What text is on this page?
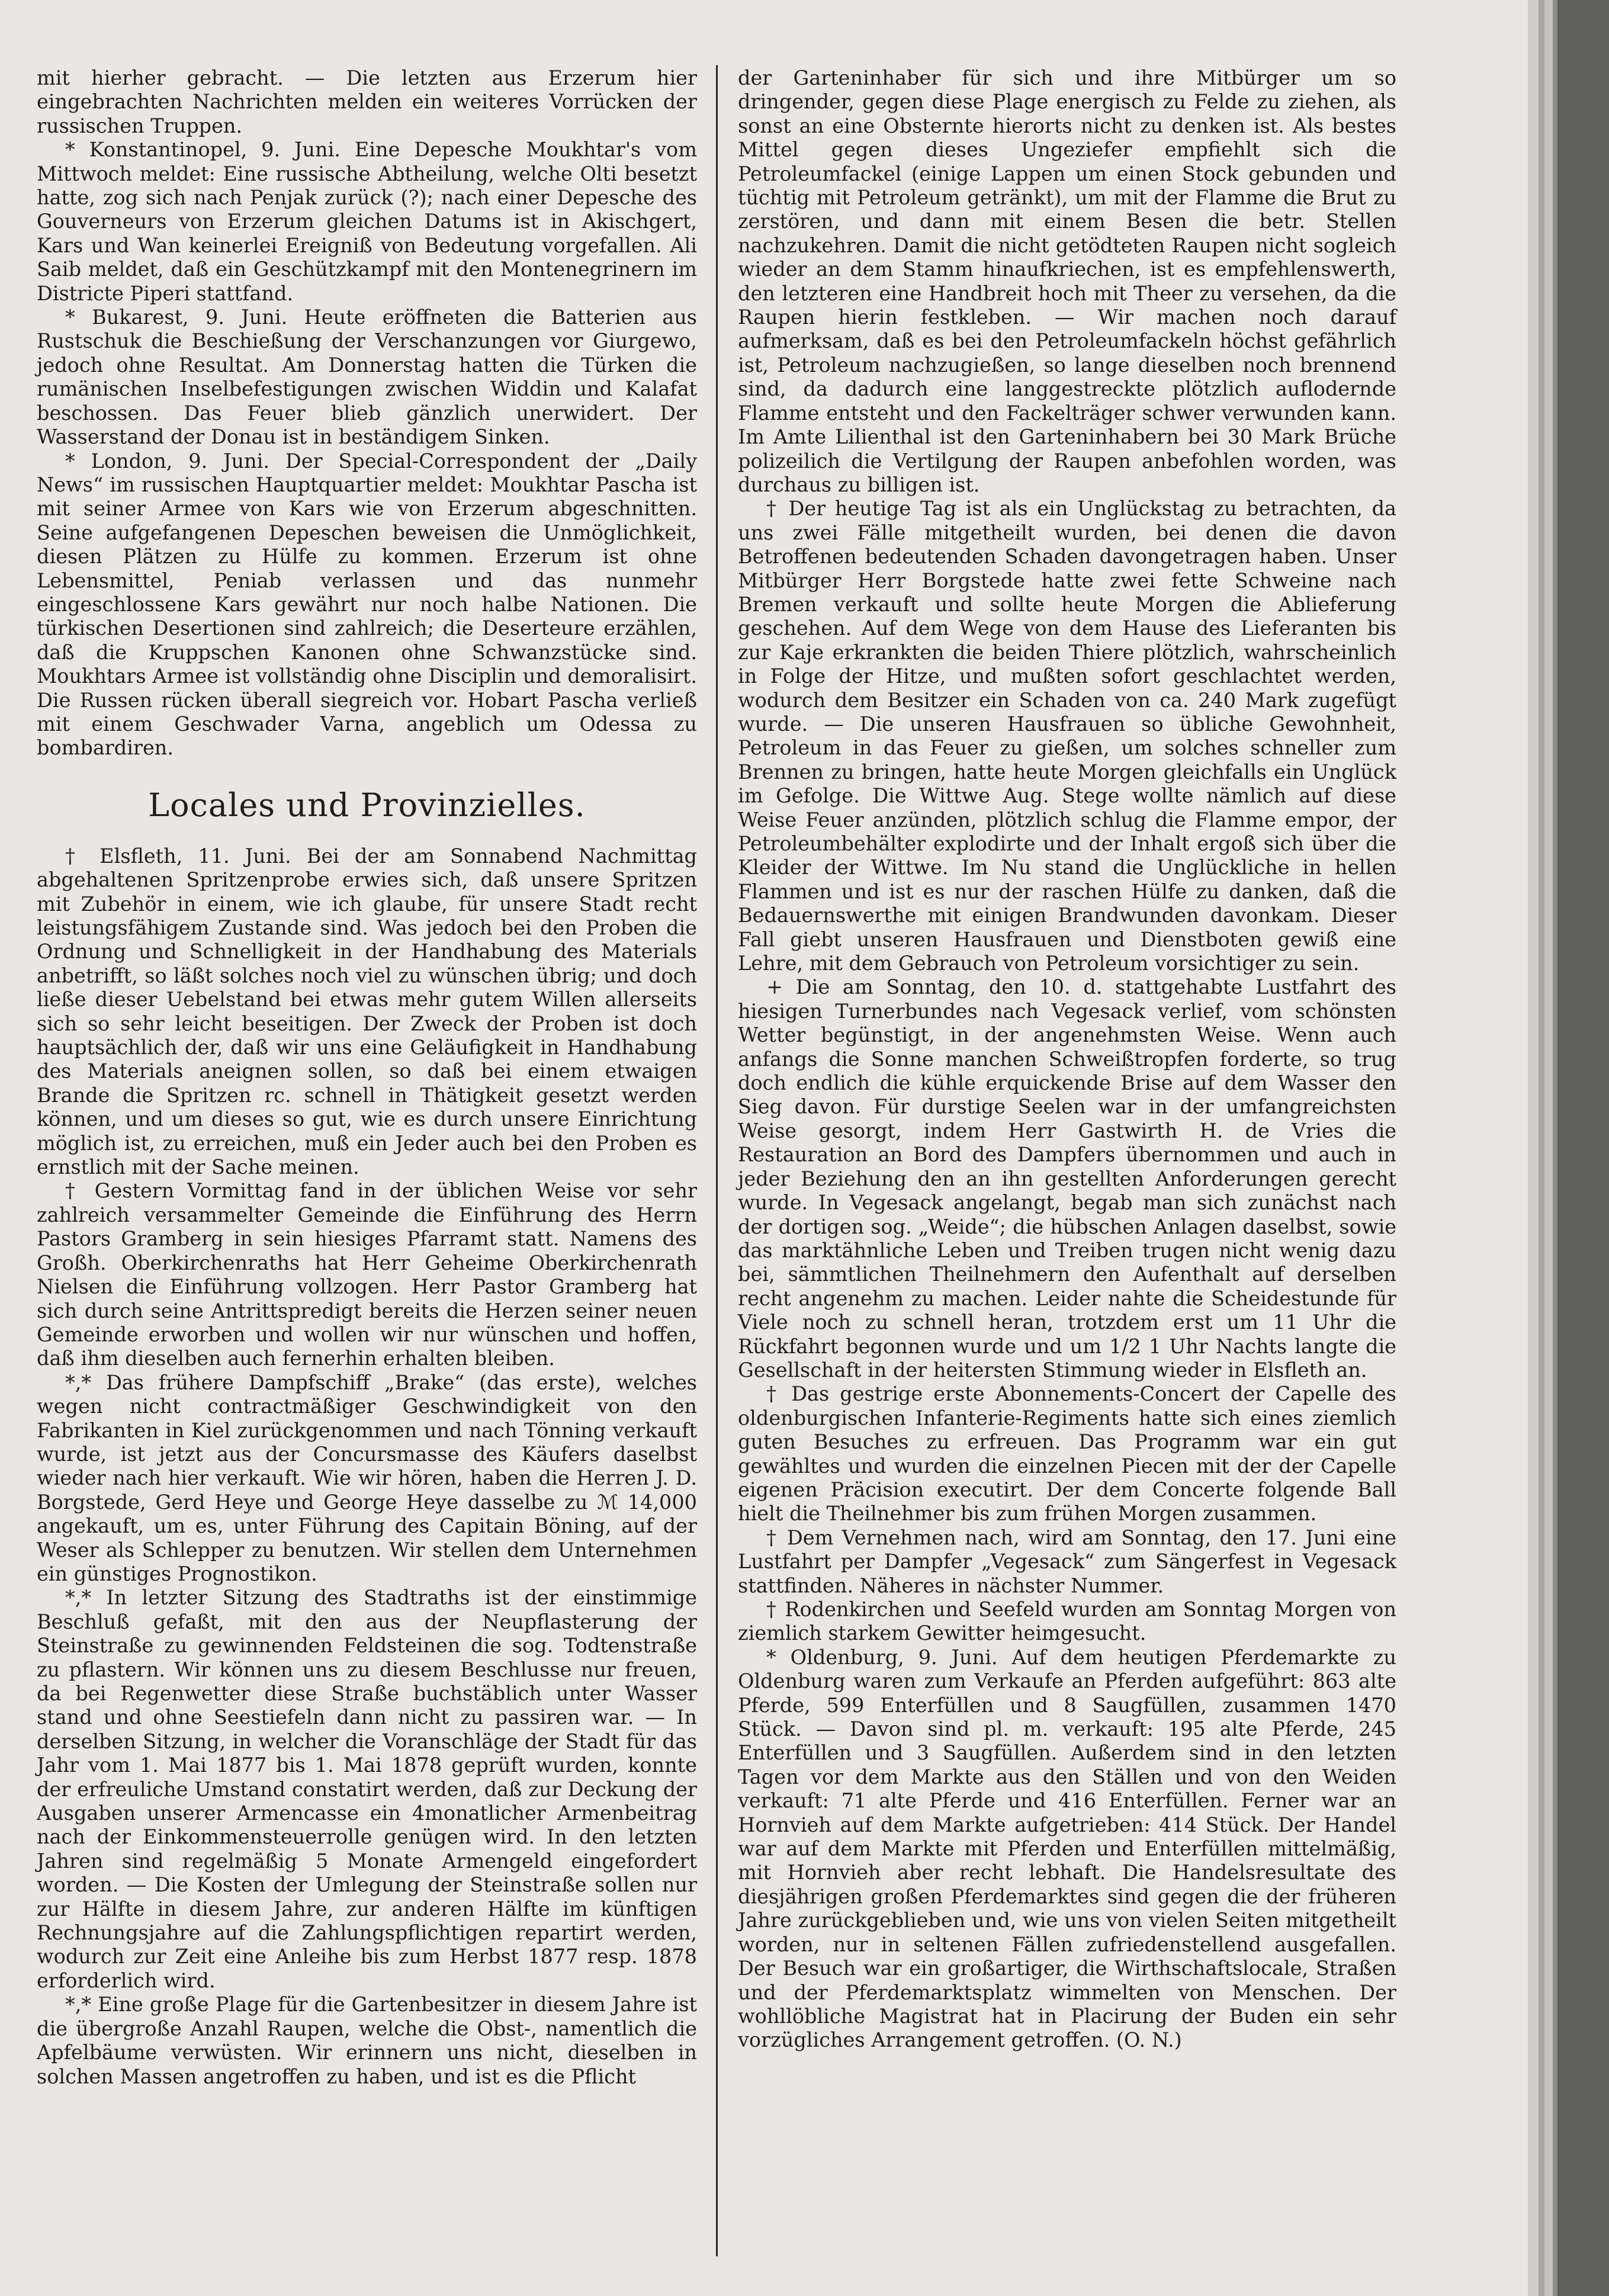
mit hierher gebracht. — Die letzten aus Erzerum hier eingebrachten Nachrichten melden ein weiteres Vorrücken der russischen Truppen.

* Konstantinopel, 9. Juni. Eine Depesche Moukhtar's vom Mittwoch meldet: Eine russische Abtheilung, welche Olti besetzt hatte, zog sich nach Penjak zurück (?); nach einer Depesche des Gouverneurs von Erzerum gleichen Datums ist in Akischgert, Kars und Wan keinerlei Ereigniß von Bedeutung vorgefallen. Ali Saib meldet, daß ein Geschützkampf mit den Montenegrinern im Districte Piperi stattfand.

* Bukarest, 9. Juni. Heute eröffneten die Batterien aus Rustschuk die Beschießung der Verschanzungen vor Giurgewo, jedoch ohne Resultat. Am Donnerstag hatten die Türken die rumänischen Inselbefestigungen zwischen Widdin und Kalafat beschossen. Das Feuer blieb gänzlich unerwidert. Der Wasserstand der Donau ist in beständigem Sinken.

* London, 9. Juni. Der Special-Correspondent der „Daily News“ im russischen Hauptquartier meldet: Moukhtar Pascha ist mit seiner Armee von Kars wie von Erzerum abgeschnitten. Seine aufgefangenen Depeschen beweisen die Unmöglichkeit, diesen Plätzen zu Hülfe zu kommen. Erzerum ist ohne Lebensmittel, Peniab verlassen und das nunmehr eingeschlossene Kars gewährt nur noch halbe Nationen. Die türkischen Desertionen sind zahlreich; die Deserteure erzählen, daß die Kruppschen Kanonen ohne Schwanzstücke sind. Moukhtars Armee ist vollständig ohne Disciplin und demoralisirt. Die Russen rücken überall siegreich vor. Hobart Pascha verließ mit einem Geschwader Varna, angeblich um Odessa zu bombardiren.

Locales und Provinzielles.

† Elsfleth, 11. Juni. Bei der am Sonnabend Nachmittag abgehaltenen Spritzenprobe erwies sich, daß unsere Spritzen mit Zubehör in einem, wie ich glaube, für unsere Stadt recht leistungsfähigem Zustande sind. Was jedoch bei den Proben die Ordnung und Schnelligkeit in der Handhabung des Materials anbetrifft, so läßt solches noch viel zu wünschen übrig; und doch ließe dieser Uebelstand bei etwas mehr gutem Willen allerseits sich so sehr leicht beseitigen. Der Zweck der Proben ist doch hauptsächlich der, daß wir uns eine Geläufigkeit in Handhabung des Materials aneignen sollen, so daß bei einem etwaigen Brande die Spritzen rc. schnell in Thätigkeit gesetzt werden können, und um dieses so gut, wie es durch unsere Einrichtung möglich ist, zu erreichen, muß ein Jeder auch bei den Proben es ernstlich mit der Sache meinen.

† Gestern Vormittag fand in der üblichen Weise vor sehr zahlreich versammelter Gemeinde die Einführung des Herrn Pastors Gramberg in sein hiesiges Pfarramt statt. Namens des Großh. Oberkirchenraths hat Herr Geheime Oberkirchenrath Nielsen die Einführung vollzogen. Herr Pastor Gramberg hat sich durch seine Antrittspredigt bereits die Herzen seiner neuen Gemeinde erworben und wollen wir nur wünschen und hoffen, daß ihm dieselben auch fernerhin erhalten bleiben.

*,* Das frühere Dampfschiff „Brake“ (das erste), welches wegen nicht contractmäßiger Geschwindigkeit von den Fabrikanten in Kiel zurückgenommen und nach Tönning verkauft wurde, ist jetzt aus der Concursmasse des Käufers daselbst wieder nach hier verkauft. Wie wir hören, haben die Herren J. D. Borgstede, Gerd Heye und George Heye dasselbe zu ℳ 14,000 angekauft, um es, unter Führung des Capitain Böning, auf der Weser als Schlepper zu benutzen. Wir stellen dem Unternehmen ein günstiges Prognostikon.

*,* In letzter Sitzung des Stadtraths ist der einstimmige Beschluß gefaßt, mit den aus der Neupflasterung der Steinstraße zu gewinnenden Feldsteinen die sog. Todtenstraße zu pflastern. Wir können uns zu diesem Beschlusse nur freuen, da bei Regenwetter diese Straße buchstäblich unter Wasser stand und ohne Seestiefeln dann nicht zu passiren war. — In derselben Sitzung, in welcher die Voranschläge der Stadt für das Jahr vom 1. Mai 1877 bis 1. Mai 1878 geprüft wurden, konnte der erfreuliche Umstand constatirt werden, daß zur Deckung der Ausgaben unserer Armencasse ein 4monatlicher Armenbeitrag nach der Einkommensteuerrolle genügen wird. In den letzten Jahren sind regelmäßig 5 Monate Armengeld eingefordert worden. — Die Kosten der Umlegung der Steinstraße sollen nur zur Hälfte in diesem Jahre, zur anderen Hälfte im künftigen Rechnungsjahre auf die Zahlungspflichtigen repartirt werden, wodurch zur Zeit eine Anleihe bis zum Herbst 1877 resp. 1878 erforderlich wird.

*,* Eine große Plage für die Gartenbesitzer in diesem Jahre ist die übergroße Anzahl Raupen, welche die Obst-, namentlich die Apfelbäume verwüsten. Wir erinnern uns nicht, dieselben in solchen Massen angetroffen zu haben, und ist es die Pflicht

der Garteninhaber für sich und ihre Mitbürger um so dringender, gegen diese Plage energisch zu Felde zu ziehen, als sonst an eine Obsternte hierorts nicht zu denken ist. Als bestes Mittel gegen dieses Ungeziefer empfiehlt sich die Petroleumfackel (einige Lappen um einen Stock gebunden und tüchtig mit Petroleum getränkt), um mit der Flamme die Brut zu zerstören, und dann mit einem Besen die betr. Stellen nachzukehren. Damit die nicht getödteten Raupen nicht sogleich wieder an dem Stamm hinaufkriechen, ist es empfehlenswerth, den letzteren eine Handbreit hoch mit Theer zu versehen, da die Raupen hierin festkleben. — Wir machen noch darauf aufmerksam, daß es bei den Petroleumfackeln höchst gefährlich ist, Petroleum nachzugießen, so lange dieselben noch brennend sind, da dadurch eine langgestreckte plötzlich auflodernde Flamme entsteht und den Fackelträger schwer verwunden kann. Im Amte Lilienthal ist den Garteninhabern bei 30 Mark Brüche polizeilich die Vertilgung der Raupen anbefohlen worden, was durchaus zu billigen ist.

† Der heutige Tag ist als ein Unglückstag zu betrachten, da uns zwei Fälle mitgetheilt wurden, bei denen die davon Betroffenen bedeutenden Schaden davongetragen haben. Unser Mitbürger Herr Borgstede hatte zwei fette Schweine nach Bremen verkauft und sollte heute Morgen die Ablieferung geschehen. Auf dem Wege von dem Hause des Lieferanten bis zur Kaje erkrankten die beiden Thiere plötzlich, wahrscheinlich in Folge der Hitze, und mußten sofort geschlachtet werden, wodurch dem Besitzer ein Schaden von ca. 240 Mark zugefügt wurde. — Die unseren Hausfrauen so übliche Gewohnheit, Petroleum in das Feuer zu gießen, um solches schneller zum Brennen zu bringen, hatte heute Morgen gleichfalls ein Unglück im Gefolge. Die Wittwe Aug. Stege wollte nämlich auf diese Weise Feuer anzünden, plötzlich schlug die Flamme empor, der Petroleumbehälter explodirte und der Inhalt ergoß sich über die Kleider der Wittwe. Im Nu stand die Unglückliche in hellen Flammen und ist es nur der raschen Hülfe zu danken, daß die Bedauernswerthe mit einigen Brandwunden davonkam. Dieser Fall giebt unseren Hausfrauen und Dienstboten gewiß eine Lehre, mit dem Gebrauch von Petroleum vorsichtiger zu sein.

+ Die am Sonntag, den 10. d. stattgehabte Lustfahrt des hiesigen Turnerbundes nach Vegesack verlief, vom schönsten Wetter begünstigt, in der angenehmsten Weise. Wenn auch anfangs die Sonne manchen Schweißtropfen forderte, so trug doch endlich die kühle erquickende Brise auf dem Wasser den Sieg davon. Für durstige Seelen war in der umfangreichsten Weise gesorgt, indem Herr Gastwirth H. de Vries die Restauration an Bord des Dampfers übernommen und auch in jeder Beziehung den an ihn gestellten Anforderungen gerecht wurde. In Vegesack angelangt, begab man sich zunächst nach der dortigen sog. „Weide“; die hübschen Anlagen daselbst, sowie das marktähnliche Leben und Treiben trugen nicht wenig dazu bei, sämmtlichen Theilnehmern den Aufenthalt auf derselben recht angenehm zu machen. Leider nahte die Scheidestunde für Viele noch zu schnell heran, trotzdem erst um 11 Uhr die Rückfahrt begonnen wurde und um 1/2 1 Uhr Nachts langte die Gesellschaft in der heitersten Stimmung wieder in Elsfleth an.

† Das gestrige erste Abonnements-Concert der Capelle des oldenburgischen Infanterie-Regiments hatte sich eines ziemlich guten Besuches zu erfreuen. Das Programm war ein gut gewähltes und wurden die einzelnen Piecen mit der der Capelle eigenen Präcision executirt. Der dem Concerte folgende Ball hielt die Theilnehmer bis zum frühen Morgen zusammen.

† Dem Vernehmen nach, wird am Sonntag, den 17. Juni eine Lustfahrt per Dampfer „Vegesack“ zum Sängerfest in Vegesack stattfinden. Näheres in nächster Nummer.

† Rodenkirchen und Seefeld wurden am Sonntag Morgen von ziemlich starkem Gewitter heimgesucht.

* Oldenburg, 9. Juni. Auf dem heutigen Pferdemarkte zu Oldenburg waren zum Verkaufe an Pferden aufgeführt: 863 alte Pferde, 599 Enterfüllen und 8 Saugfüllen, zusammen 1470 Stück. — Davon sind pl. m. verkauft: 195 alte Pferde, 245 Enterfüllen und 3 Saugfüllen. Außerdem sind in den letzten Tagen vor dem Markte aus den Ställen und von den Weiden verkauft: 71 alte Pferde und 416 Enterfüllen. Ferner war an Hornvieh auf dem Markte aufgetrieben: 414 Stück. Der Handel war auf dem Markte mit Pferden und Enterfüllen mittelmäßig, mit Hornvieh aber recht lebhaft. Die Handelsresultate des diesjährigen großen Pferdemarktes sind gegen die der früheren Jahre zurückgeblieben und, wie uns von vielen Seiten mitgetheilt worden, nur in seltenen Fällen zufriedenstellend ausgefallen. Der Besuch war ein großartiger, die Wirthschaftslocale, Straßen und der Pferdemarktsplatz wimmelten von Menschen. Der wohllöbliche Magistrat hat in Placirung der Buden ein sehr vorzügliches Arrangement getroffen. (O. N.)
